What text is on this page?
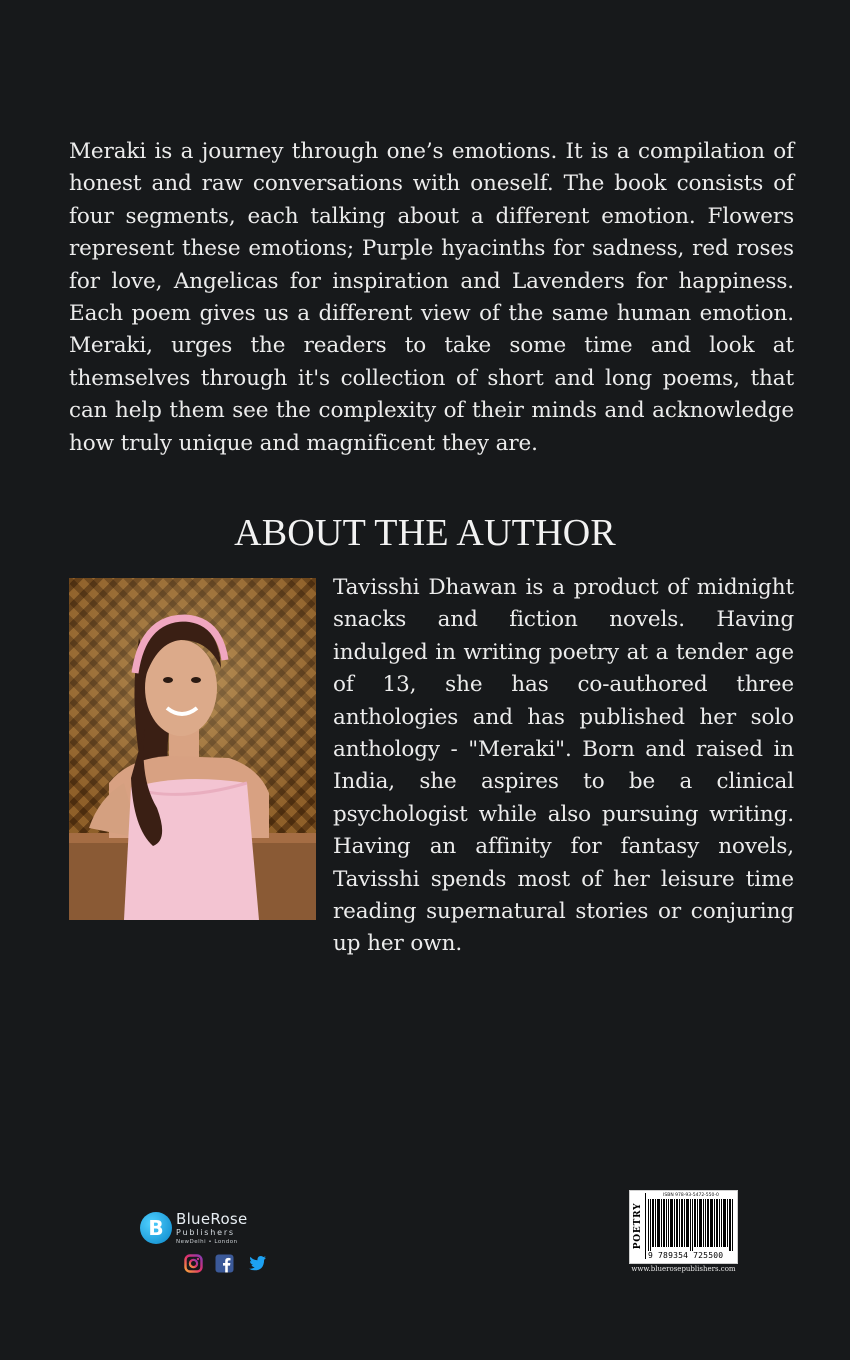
Meraki is a journey through one’s emotions. It is a compilation of honest and raw conversations with oneself. The book consists of four segments, each talking about a different emotion. Flowers represent these emotions; Purple hyacinths for sadness, red roses for love, Angelicas for inspiration and Lavenders for happiness. Each poem gives us a different view of the same human emotion. Meraki, urges the readers to take some time and look at themselves through it's collection of short and long poems, that can help them see the complexity of their minds and acknowledge how truly unique and magnificent they are.
ABOUT THE AUTHOR
Tavisshi Dhawan is a product of midnight snacks and fiction novels. Having indulged in writing poetry at a tender age of 13, she has co-authored three anthologies and has published her solo anthology - "Meraki". Born and raised in India, she aspires to be a clinical psychologist while also pursuing writing. Having an affinity for fantasy novels, Tavisshi spends most of her leisure time reading supernatural stories or conjuring up her own.
B BlueRose
Publishers
NewDelhi • London
	POETRY
ISBN 978-93-5472-550-0
9 789354 725500
www.bluerosepublishers.com
